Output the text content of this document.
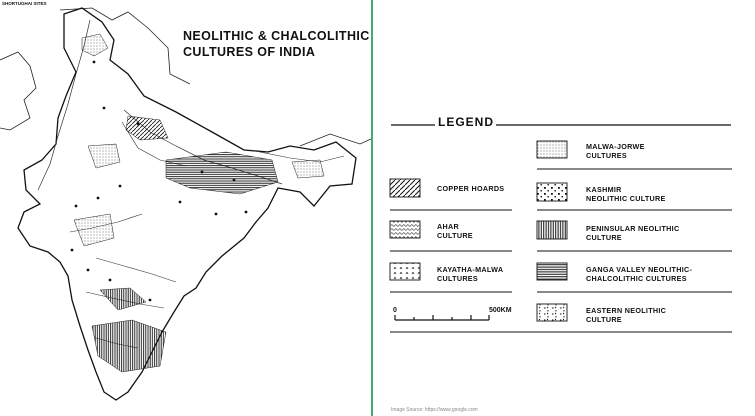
SHORTUGHAI SITES
NEOLITHIC & CHALCOLITHIC
CULTURES OF INDIA
LEGEND
MALWA-JORWE
CULTURES
COPPER HOARDS	KASHMIR
NEOLITHIC CULTURE
AHAR
CULTURE
PENINSULAR NEOLITHIC
CULTURE
KAYATHA-MALWA
CULTURES
GANGA VALLEY NEOLITHIC-
CHALCOLITHIC CULTURES
EASTERN NEOLITHIC
CULTURE
0	500KM
Image Source: https://www.google.com
